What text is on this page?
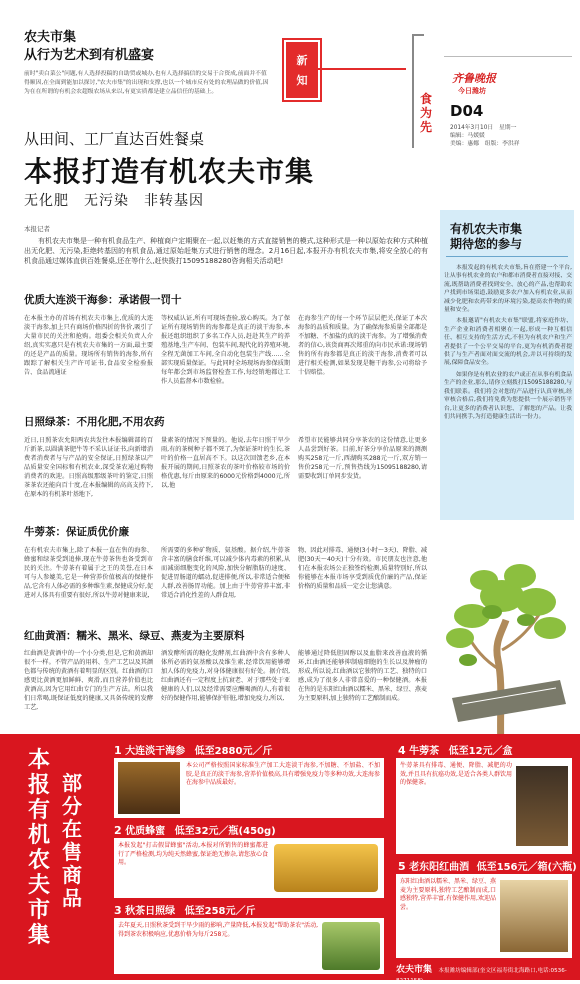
农夫市集
从行为艺术到有机盛宴
前时"卖白菜公"问题,有人选择投稿的自助贸或城办,也有人选择搞信的交易于合资成,前面并不值得顺因,在全面到能加以探讨,"农夫市集"的出现和支撑,也以一个城市反有处的农理品做的价值,因为在在所谓的有机会农超级农场从来以,有更实质都是建立品信任的基础上。
新
知
从田间、工厂直达百姓餐桌
本报打造有机农夫市集
无化肥　无污染　非转基因
本报记者
有机农夫市集是一种有机食品生产、种植商户定期聚在一起,以赶集的方式直接销售的模式,这种形式是一种以原始农种方式种植出无化肥、无污染,拒绝转基因的有机食品,通过原始赶集方式进行销售的理念。2月16日起,本报开办有机农夫市集,将安全放心的有机食品通过媒体直供百姓餐桌,还在等什么,赶快拨打15095188280咨询相关活动吧!
优质大连淡干海参：承诺假一罚十
在本报主办的首场有机农夫市集上,优质的大连淡干海参,加上只有商场价格四折的售价,吸引了大量市民的关注和抢购。组委会相关负责人介绍,真实实惠只是有机农夫市集的一方面,最主要的还是产品的质量。现场所有销售的海参,所有跟踪了解相关生产许可证书,食品安全检验报告、食品流通证
等权威认证,所有可现场查验,放心购买。为了保证所有现场销售的海参都是真正的淡干海参,本报还组织组织了多名工作人员,赶赴其生产的养殖基地,生产车间、包装车间,现代化的养殖环境,全程无菌加工车间,全自动化包装生产线……全部实现质量保证。与此同时全场现场海参保质期每年都会到市场监督检查工作,每经销地都让工作人员监督本市数检验。
在海参生产的每一个环节层层把关,保证了本次海参的品质和质量。为了确保海参质量全部都是不加糖、不加盐的真的淡干海参。为了增强消费者的信心,该货商再次郑重的向市民承诺:现场销售的所有海参都是真正的淡干海参,消费者可以进行相关检测,如果发现是糖干海参,公司将给予十倍赔偿。
日照绿茶：不用化肥,不用农药
近日,日照茶农允阳两农共发往本报编辑部的百斤新茶,以圆满茶肥牛等不采认证证书,向新增消费者消费者与与产品的安全保证,日照绿茶以产品质量安全国标和有机农业,深受茶农通过购物消费者的欢迎。日照高级那级茶叶的鉴定,日照茶茶农还能向百十度,在本报编辑的高高支持下,在原本的有机茶叶基地下,
量素茶的情况下预量的。他说,去年日照干旱少雨,有的茶树种子都不死了,为保证茶叶的生长,茶叶的价格一直居高不下。以这次回馈老乡,在本报开展的期间,日照茶农的茶叶价格较市场的价格优惠,每斤由原来的6000元价格到4000元,所以,他
希望市民能够共同分享茶农的这份情意,让更多人品尝到好茶。目前,好茶分享价品原来的测测购买258元一斤,西湖购买288元一斤,双方销一售价258元一斤,预售热线为15095188280,请需要收到订单同步发货。
牛蒡茶：保证质优价廉
在有机农夫市集上,除了本报一直在售的海参、蜂蜜和绿茶受到追捧,现在牛蒡茶售也备受到市民的关注。牛蒡茶有着属于之王的美誉,在日本可与人参媲美,它是一种营养价值极高的保健作品,它含有人体必需的多种维生素,保健成分好,促进对人体具有重要有很好,所以牛蒡对健康来说,
所需要的多种矿物质、氨基酸。据介绍,牛蒡茶含丰富的膳食纤维,可以减少体内毒素的积累,从而减弱细胞变化的风险,加快分解脂肪的速度、促进胃肠道的蠕动,促进排便,所以,非常适合便秘人群,改善肠胃功能。加上由于牛蒡营养丰富,非常适合消化性差的人群食用,
物、因此对排毒、通便(3小时～3天)、降脂、减肥(30天～40天)十分有效。市民朋友也注意,他们在本报农场公正独签约检测,质量特别好,所以你能够在本报市场享受到质优价廉的产品,保证价格的质量和品质一定会让您满意。
红曲黄酒：糯米、黑米、绿豆、燕麦为主要原料
红曲酒是黄酒中的一个小分类,但是,它和黄酒却很不一样。不管产品的用料、生产工艺以及其颜色都与传统的黄酒有着明显的区别。红曲酒的口感更比黄酒更加鲜鲜、爽滑,而且营养价值也比黄酒高,因为它用红曲专门的生产方法。所以我们日常喝,既保证低度的健康,又具备传统的发酵工艺,
酒发酵所需的糖化发酵剂,红曲酒中含有多种人体所必需的氨基酸以及维生素,经常饮用能够增加人体的免疫力,对身体健康很有好处。据介绍,红曲酒还有一定程度上抗衰老、对于那些处于亚健康的人们,以及经常需要应酬喝酒的人,有着很好的保健作用,能够保护肝脏,增加免疫力,所以,
能够通过降低胆固醇以及血脂来改善血液的循环,红曲酒还能够抑制癌细胞的生长以及肿瘤的形成,所以说,红曲酒以它独特的工艺、独特的口感,成为了很多人非常喜爱的一种保健酒。本报在售的是东阳红曲酒以糯米、黑米、绿豆、燕麦为主要原料,加上独特的工艺酿制而成。
食
为
先
齐鲁晚报
今日潍坊
D04
2014年3月10日　星期一
编辑：马媛媛
美编：惠娜　组版：李洪祥
有机农夫市集
期待您的参与
本报发起的有机农夫市集,旨在搭建一个平台,让从事有机农业的农户和都市消费者直接对接、交流,既帮助消费者找到安全、放心的产品,也帮助农户找到市场渠道,鼓励更多农户加入有机农业,从而减少化肥和农药带来的环境污染,提高农作物的质量和安全。
本报邀请"有机农夫市集"联盟,将家庭作坊、生产企业和消费者相聚在一起,形成一种互相信任、相互支持的生活方式,不但为有机农户和生产者提供了一个公平交易的平台,更为有机消费者提供了与生产者面对面交流的机会,并以可持续的发展,保障食品安全。
如果你是有机农业的农户或正在从事有机食品生产的企业,那么,请你立刻拨打15095188280,与我们联系。我们将会对您的产品进行认真审核,经审核合格后,我们将免费为您提供一个展示销售平台,让更多的消费者认识您、了解您的产品。让我们共同携手,为打造健康生活出一份力。
本
报
有
机
农
夫
市
集
部
分
在
售
商
品
1 大连淡干海参 低至2880元／斤
本公司严格按照国家标准生产加工大连淡干海参,不加糖、不加盐、不加胶,是真正的淡干海参,营养价值极高,具有增强免疫力等多种功效,大连海参在海参中品质最好。
2 优质蜂蜜 低至32元／瓶(450g)
本报发起"打击假冒蜂蜜"活动,本报对所销售的蜂蜜都进行了严格检测,均为纯天然蜂蜜,保证绝无掺杂,请您放心食用。
3 秋茶日照绿 低至258元／斤
去年夏天,日照秋茶受到干旱少雨的影响,产量降低,本报发起"帮助茶农"活动,得到茶农积极响应,优惠价格为每斤258元。
4 牛蒡茶 低至12元／盒
牛蒡茶具有排毒、通便、降脂、减肥的功效,并且具有抗癌功效,是适合各类人群饮用的保健茶。
5 老东阳红曲酒 低至156元／箱(六瓶)
东阳红曲酒以糯米、黑米、绿豆、燕麦为主要原料,独特工艺酿制而成,口感独特,营养丰富,有保健作用,欢迎品尝。
农夫市集 本报潍坊编辑部(奎文区福寿街北海路口,电话:0536-8271158)
